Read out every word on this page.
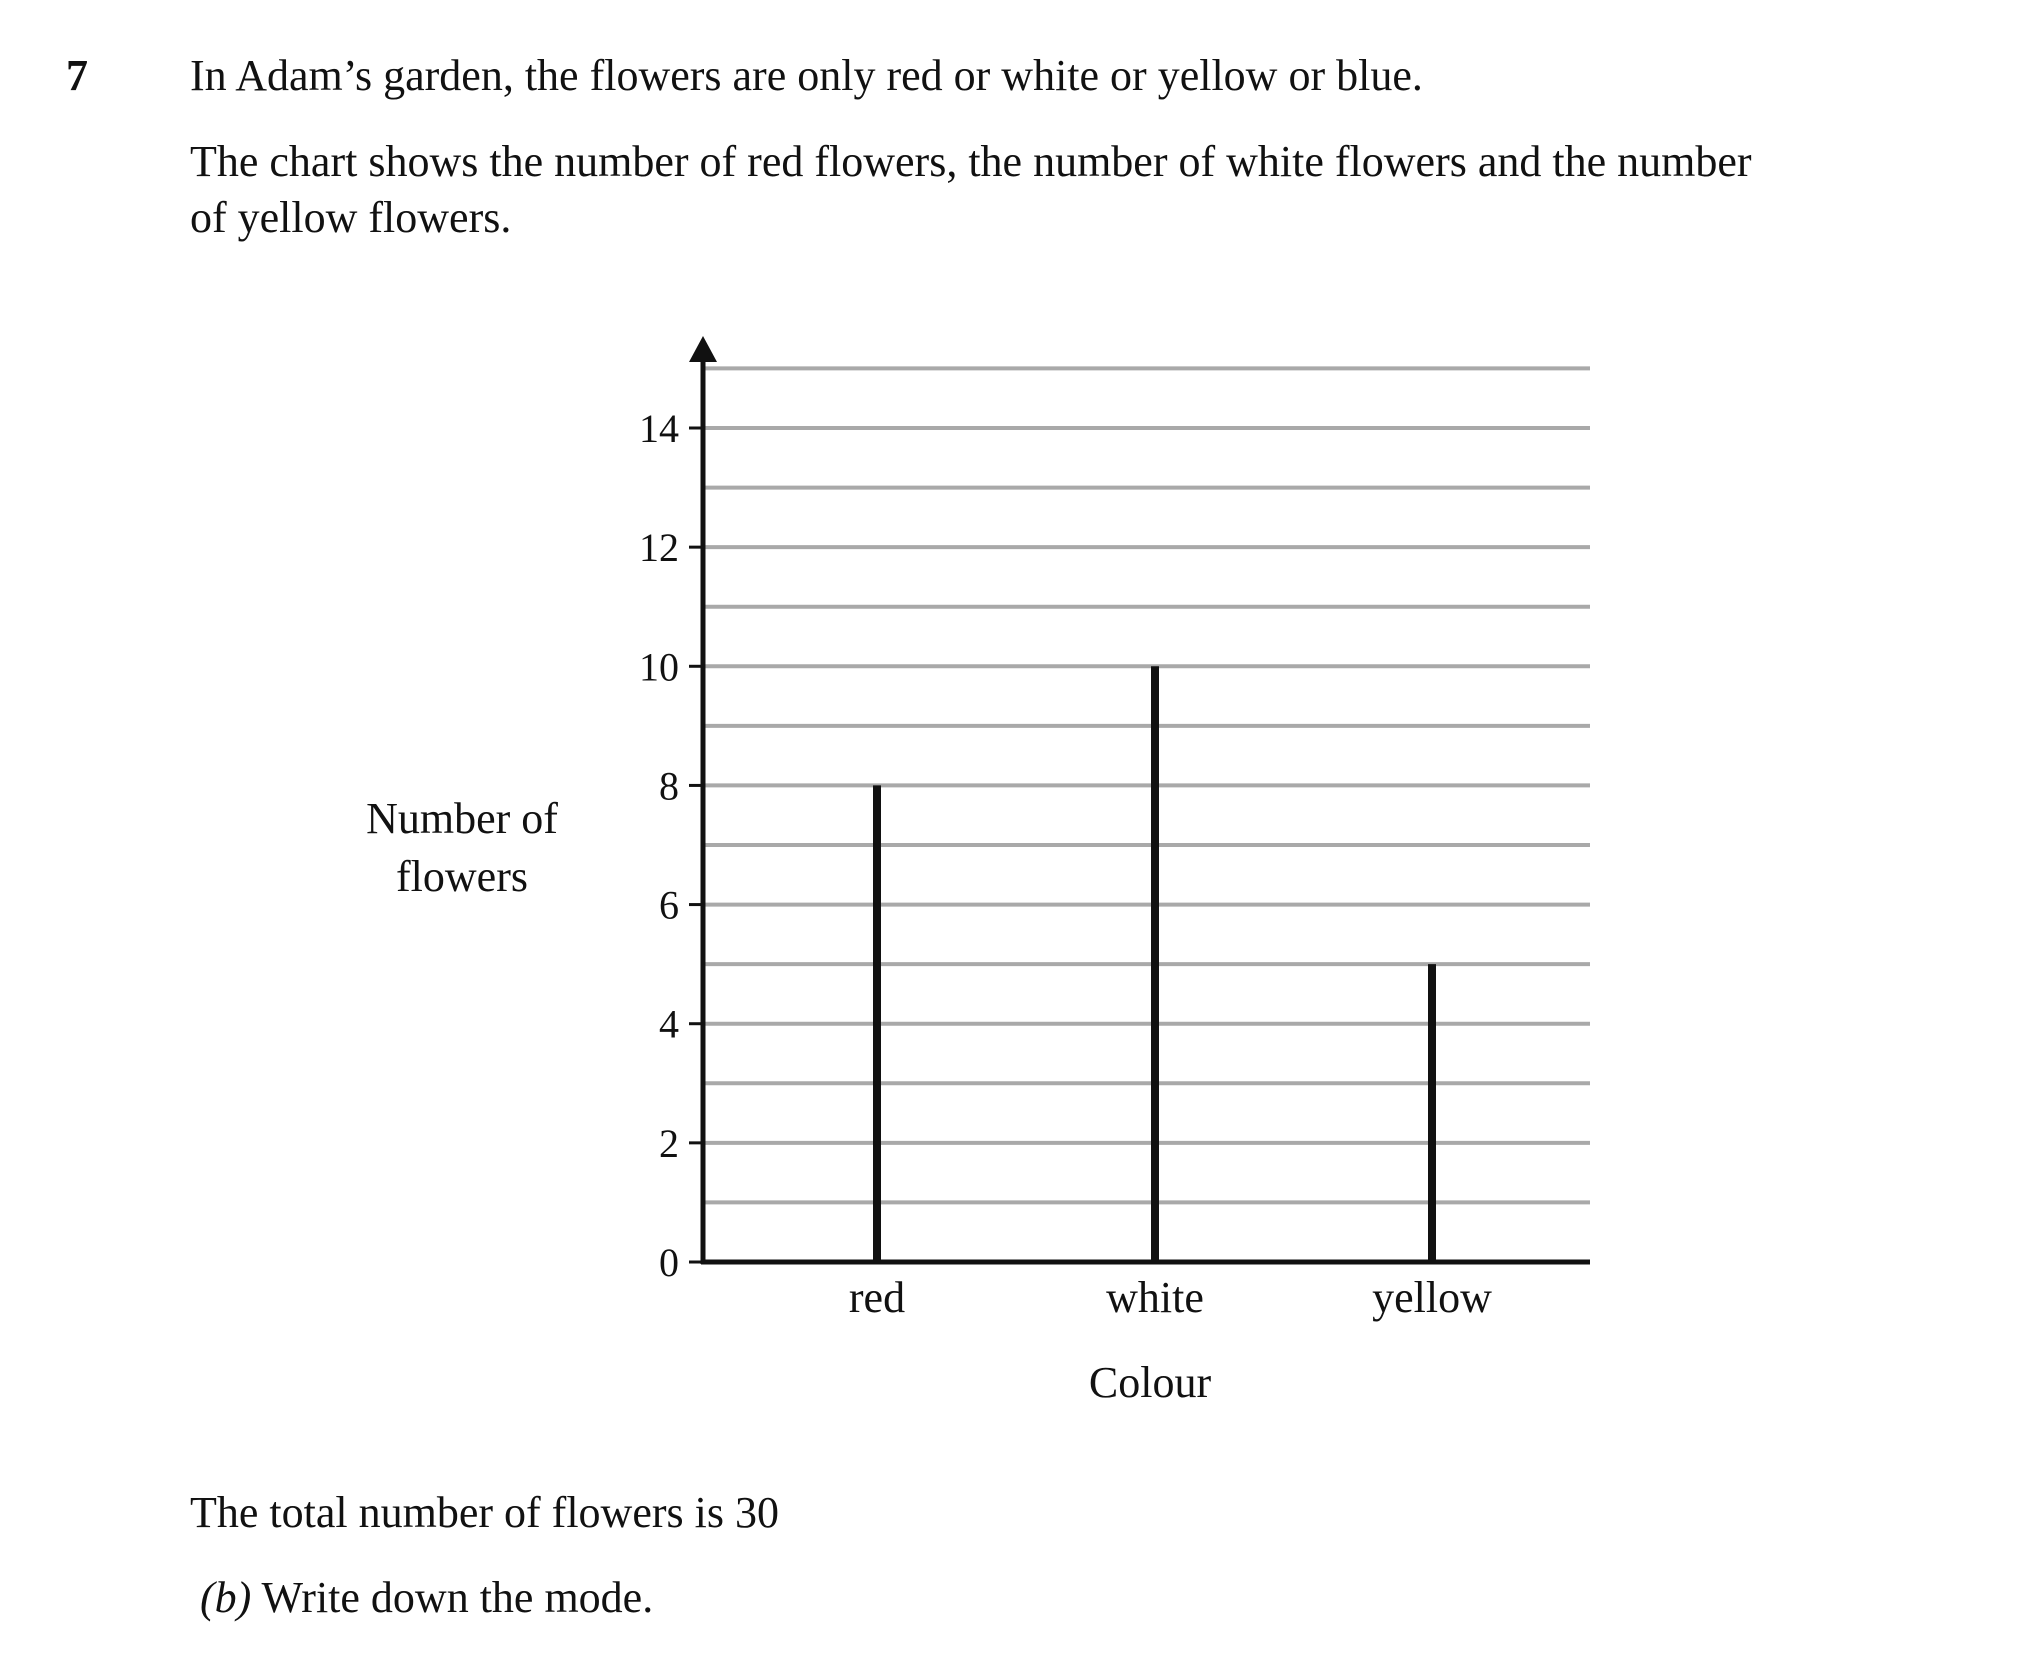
7 In Adam’s garden, the flowers are only red or white or yellow or blue.
The chart shows the number of red flowers, the number of white flowers and the number
of yellow flowers.
0
2
4
6
8
10
12
14
red	white	yellow
Colour
Number of
flowers
The total number of flowers is 30
(b) Write down the mode.
